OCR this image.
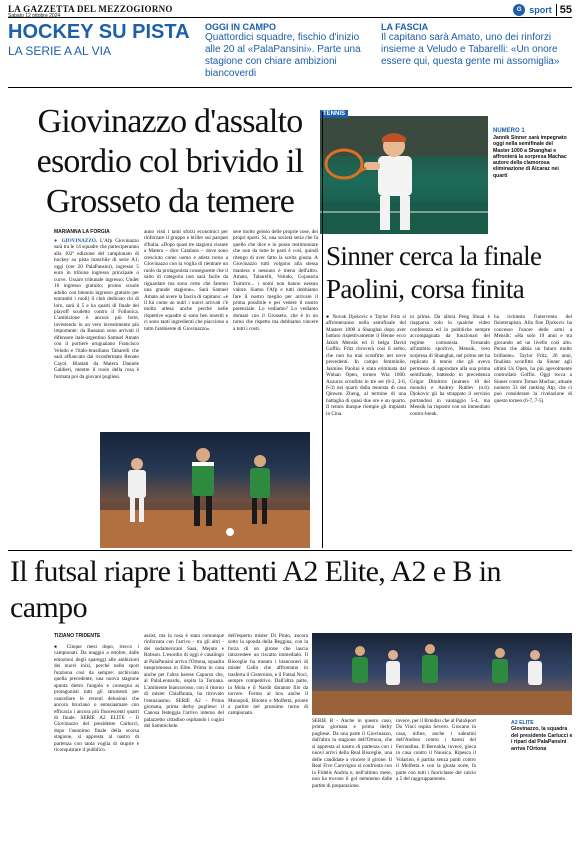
LA GAZZETTA DEL MEZZOGIORNO
Sabato 12 ottobre 2024
G sport 55
HOCKEY SU PISTA
LA SERIE A AL VIA
OGGI IN CAMPO
Quattordici squadre, fischio d'inizio alle 20 al «PalaPansini». Parte una stagione con chiare ambizioni biancoverdi
LA FASCIA
Il capitano sarà Amato, uno dei rinforzi insieme a Veludo e Tabarelli: «Un onore essere qui, questa gente mi assomiglia»
Giovinazzo d'assalto esordio col brivido il Grosseto da temere
MARIANNA LA FORGIA
● GIOVINAZZO. L'Afp Giovinazzo sarà tra le 14 squadre che parteciperanno alla 102ª edizione del campionato di hockey su pista maschile di serie A1; oggi (ore 20 PalaPansini), ingresso 5 euro in tribuna ingresso principale o curve. Ussaro tribunale ingresso; Under 16 ingresso gratuito; promo scuole adulto con biennio ingresso gratuito per entrambi i ruoli) il club dedicato chi di loro, sarà il 5 e ha quarti di finale dei playoff scudetto contro il Follonica. L'ambizione è ancora più forte, investendo in un vero investimento più importante: da Bassano sono arrivati il difensore italo-argentino Samuel Amato con il portiere uruguaiano Francisco Veludo e l'italo-brasiliano Tabarelli che sarà affiancato dal riconfermato Renato Cayol. Blastati da Matera Daniele Galdieri, mentre il ruolo della rosa è formata poi da giovani pugliesi.
anno visti i tanti sforzi economici per rinforzare il gruppo e briller sui parquet d'Italia. «Dopo quasi tre stagioni vissute a Matera – dice Catalano – dove sono cresciuto come uomo e atleta torno a Giovinazzo con la voglia di rientrare un ruolo da protagonista conseguente che il salto di categoria non sarà facile da riguardare ma sono certo che faremo una grande stagione». Sarà Samuel Amato ad avere la fascia di capitano: «è il lui come un nutrì i nuovi arrivati c'è molta attesa anche perché nelle rispettive squadre si sono ben inseriti e ci sono tanti ingredienti che piacciono a tutto l'ambiente di Giovinazzo».
sere molto geloso delle proprie cose, dei propri sporti. Si, una società seria che fa quello che dice e io posso testimoniare che non da tutte le parti è così, quindi ritengo di aver fatto la scelta giusta. A Giovinazzo tutti volgono alla stessa maniera e nessuno è meno dell'altro. Amato, Tabarelli, Veludo, Cojanaria Turturro... i nomi non hanno nessun valore. Siamo l'Afp e tutti dobbiamo fare il nostro meglio per arrivare il prima possibile e per vedere il nostro potenziale. Lo vediamo? Lo vediamo domani con il Grosseto, che è in un turno che rispetto ma dobbiamo vincere a tutti i costi.
TENNIS
NUMERO 1
Jannik Sinner sarà impegnato oggi nella semifinale del Master 1000 a Shanghai e affronterà la sorpresa Machac autore della clamorosa eliminazione di Alcaraz nei quarti
Sinner cerca la finale Paolini, corsa finita
● Novak Djokovic e Taylor Fritz si affronteranno nella semifinale del Masters 1000 a Shanghai dopo aver battuto rispettivamente il Henne ecco Jakub Mensik ed il belga David Goffin. Fritz ritroverà così il serbo, che non ha mai sconfitto nei nove precedenti. In campo femminile, Jasmine Paolini è stata eliminata dal Wuhan Open, torneo Wta 1000. Azzurra sconfitta in tre set (6-2, 3-6, 6-3) nei quarti dalla tennista di casa Qinwen Zheng, al termine di una battaglia di quasi due ore e un quarto. Il tennis dunque riempie gli impianti in Cina.
ni prima. Da allora Peng Shuai è riapparsa solo in qualche video conferenza ed in pubbliche sempre accompagnata da funzionari del regime comunista. Tornando all'ambito sportivo, Mensik, vero sorpresa di Shanghai, nel primo set ha replicato il tennis che gli aveva permesso di approdare alla sua prima semifinale, battendo in precedenza Grigor Dimitrov (numero 10 del mondo) e Andrey Rublev (n.6). Djokovic gli ha strappato il servizio portandosi in vantaggio 5-4, ma Mensik ha risposto con un immediato contro-break.
ha richiesto l'intervento del fisioterapista. Alla fine Djokovic ha concesso l'onore delle armi a Mensik: «Ha solo 19 anni e sta giocando ad un livello così alto. Penso che abbia un futuro molto brillante». Taylor Fritz, 26 anni, finalista sconfitto da Sinner agli ultimi Us Open, ha più agevolmente controllato Goffin. Oggi tocca a Sinner contro Tomas Machac, attuale numero 33 del ranking Atp, che ci può considerare la rivelazione di questo torneo (6-7, 7-5).
Il futsal riapre i battenti A2 Elite, A2 e B in campo
TIZIANO TRIDENTE
● Cinque mesi dopo, riecco i campionati. Da maggio a ottobre, dalle emozioni degli spareggi alle ambizioni dei nuovi inizi, perché nello sport funziona così da sempre: archiviato quella precedente, una nuova stagione spunta dietro l'angolo e consegna ai protagonisti tutti gli strumenti per cancellare le recenti delusioni che ancora bruciano o entusiasmare con efficacia i ancora più fluorescenti quarti di finale. SERIE A2 ELITE - Il Giovinazzo del presidente Carlucci, dopo l'anonimo finale della scorsa stagione, si appresta al nastro di partenza con tanta voglia di stupire e riconquistare il pubblico.
assist, ma la rosa è stata comunque rinforzata con l'arrivo - tra gli altri - dei sudamericani Sasa, Mejuto e Robson. L'esordio di oggi è casalingo al PalaPansini arriva l'Ortona, squadra neopromossa in Elite. Prima in casa anche per l'altra barese Capurso che, al PalaLeonardo, ospita la Tornana. L'ambiente biancorosso, con il ritorno di mister Chiaffarata, ha ritrovato l'entusiasmo. SERIE A2 - Prima giornata, prima derby pugliese: il Canosa festeggia l'arrivo interno del palazzetto cittadino ospitando i cugini del Sammichele.
dell'esperto mister Di Pinto, ancora sotto la sponda della Reggina, con la forza di un girone che lascia intravedere un riscatto immediato. Il Bisceglie ha mutato i bianconeri di mister Gallo che affrontano in trasferta il Cisternino, e il Futsal Noci, sempre competitivo. Dall'altra parte, la Mola e il Nardò daranno filo da torcere. Fermo ai box anche il Monopoli, Bitonto e Molfetta, pronte a partire nel prossimo turno di campionato.
SERIE B - Anche in questo caso, prima giornata e prima derby pugliese. Da una parte il Giovinazzo, dall'altra la stagione dell'Ortona, che si appresta al nastro di partenza con i nuovi arrivi della Real Bisceglie, una delle candidate a vincere il girone. Il Real Five Carovigno si confronta con la Fidelis Andria e, nell'ultimo mese, non ha trovato il gol nemmeno dalle partite di preparazione.
invece, per il Brindisi che al PalaSport Da Vinci ospita Severo. Giocano in casa, infine, anche i salentini dell'Andrea contro i baresi del Ferrandina. Il Bernalda, invece, gioca in casa contro il Nausica. Ripesca il Volarino, è partita senza punti contro il Molfetta e con la giusta sorte, fa parte con tutti i fuoriclasse del calcio a 5 del raggruppamento.
A2 ELITE
Giovinazzo, la squadra del presidente Carlucci e i ripari dal PalaPansini arriva l'Ortona
